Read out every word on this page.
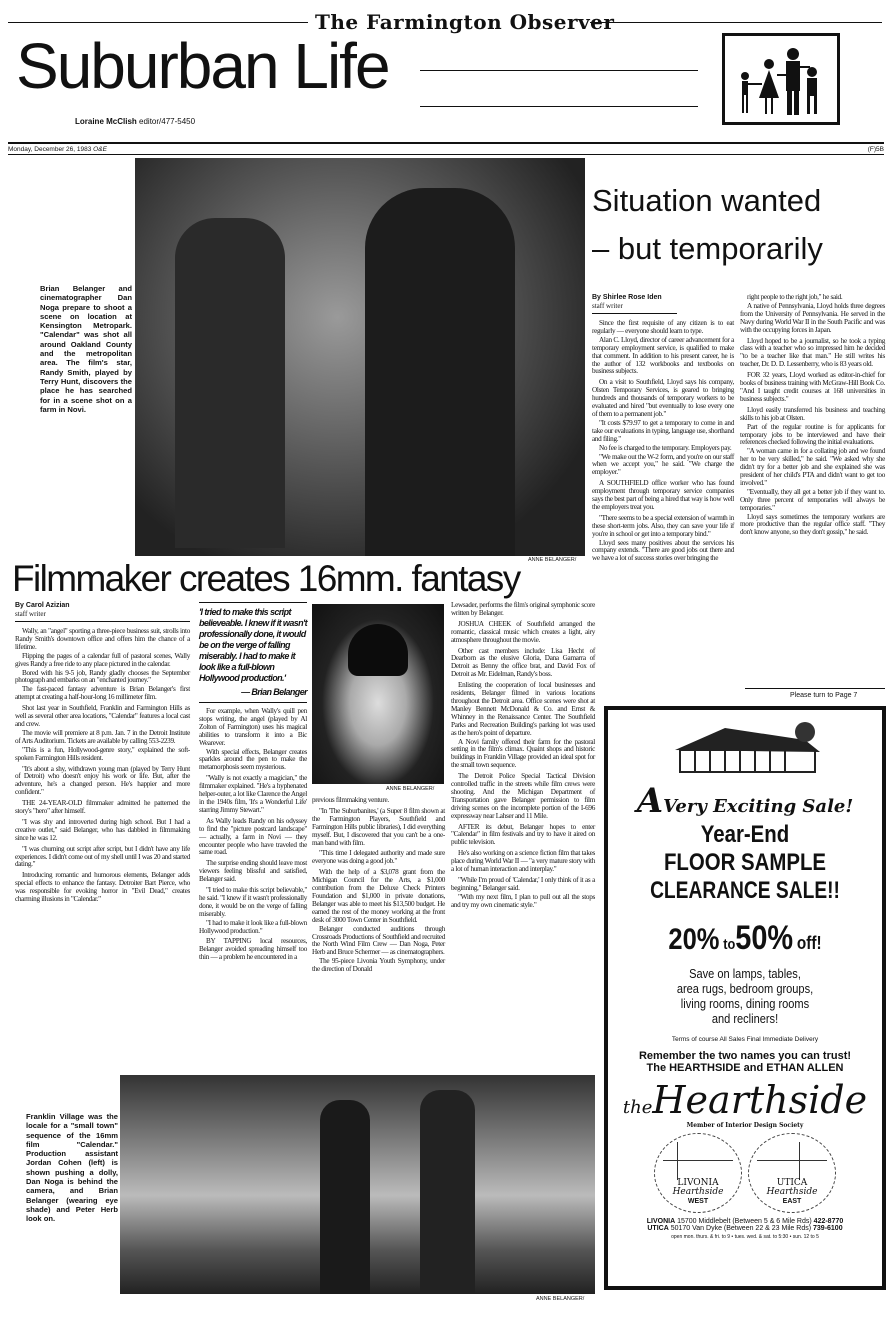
The Farmington Observer
Suburban Life
Loraine McClish editor/477-5450
Monday, December 26, 1983 O&E	(F)5B
ANNE BELANGER/
Brian Belanger and cinematographer Dan Noga prepare to shoot a scene on location at Kensington Metropark. "Calendar" was shot all around Oakland County and the metropolitan area. The film's star, Randy Smith, played by Terry Hunt, discovers the place he has searched for in a scene shot on a farm in Novi.
Situation wanted
– but temporarily
By Shirlee Rose Iden
staff writer

Since the first requisite of any citizen is to eat regularly — everyone should learn to type.

Alan C. Lloyd, director of career advancement for a temporary employment service, is qualified to make that comment. In addition to his present career, he is the author of 132 workbooks and textbooks on business subjects.

On a visit to Southfield, Lloyd says his company, Olsten Temporary Services, is geared to bringing hundreds and thousands of temporary workers to be evaluated and hired "but eventually to lose every one of them to a permanent job."

"It costs $79.97 to get a temporary to come in and take our evaluations in typing, language use, shorthand and filing."

No fee is charged to the temporary. Employers pay.

"We make out the W-2 form, and you're on our staff when we accept you," he said. "We charge the employer."

A SOUTHFIELD office worker who has found employment through temporary service companies says the best part of being a hired that way is how well the employers treat you.

"There seems to be a special extension of warmth in these short-term jobs. Also, they can save your life if you're in school or get into a temporary bind."

Lloyd sees many positives about the services his company extends. "There are good jobs out there and we have a lot of success stories over bringing the

right people to the right job," he said.

A native of Pennsylvania, Lloyd holds three degrees from the University of Pennsylvania. He served in the Navy during World War II in the South Pacific and was with the occupying forces in Japan.

Lloyd hoped to be a journalist, so he took a typing class with a teacher who so impressed him he decided "to be a teacher like that man." He still writes his teacher, Dr. D. D. Lessenberry, who is 83 years old.

FOR 32 years, Lloyd worked as editor-in-chief for books of business training with McGraw-Hill Book Co. "And I taught credit courses at 168 universities in business subjects."

Lloyd easily transferred his business and teaching skills to his job at Olsten.

Part of the regular routine is for applicants for temporary jobs to be interviewed and have their references checked following the initial evaluations.

"A woman came in for a collating job and we found her to be very skilled," he said. "We asked why she didn't try for a better job and she explained she was president of her child's PTA and didn't want to get too involved."

"Eventually, they all get a better job if they want to. Only three percent of temporaries will always be temporaries."

Lloyd says sometimes the temporary workers are more productive than the regular office staff. "They don't know anyone, so they don't gossip," he said.

Please turn to Page 7
Filmmaker creates 16mm. fantasy
By Carol Azizian
staff writer

Wally, an "angel" sporting a three-piece business suit, strolls into Randy Smith's downtown office and offers him the chance of a lifetime.

Flipping the pages of a calendar full of pastoral scenes, Wally gives Randy a free ride to any place pictured in the calendar.

Bored with his 9-5 job, Randy gladly chooses the September photograph and embarks on an "enchanted journey."

The fast-paced fantasy adventure is Brian Belanger's first attempt at creating a half-hour-long 16 millimeter film.

Shot last year in Southfield, Franklin and Farmington Hills as well as several other area locations, "Calendar" features a local cast and crew.

The movie will premiere at 8 p.m. Jan. 7 in the Detroit Institute of Arts Auditorium. Tickets are available by calling 553-2239.

"This is a fun, Hollywood-genre story," explained the soft-spoken Farmington Hills resident.

"It's about a shy, withdrawn young man (played by Terry Hunt of Detroit) who doesn't enjoy his work or life. But, after the adventure, he's a changed person. He's happier and more confident."

THE 24-YEAR-OLD filmmaker admitted he patterned the story's "hero" after himself.

"I was shy and introverted during high school. But I had a creative outlet," said Belanger, who has dabbled in filmmaking since he was 12.

"I was churning out script after script, but I didn't have any life experiences. I didn't come out of my shell until I was 20 and started dating."

Introducing romantic and humorous elements, Belanger adds special effects to enhance the fantasy. Detroiter Bart Pierce, who was responsible for evoking horror in "Evil Dead," creates charming illusions in "Calendar."

'I tried to make this script believeable. I knew if it wasn't professionally done, it would be on the verge of falling miserably. I had to make it look like a full-blown Hollywood production.'
— Brian Belanger

For example, when Wally's quill pen stops writing, the angel (played by Al Zolton of Farmington) uses his magical abilities to transform it into a Bic Wearever.

With special effects, Belanger creates sparkles around the pen to make the metamorphosis seem mysterious.

"Wally is not exactly a magician," the filmmaker explained. "He's a hyphenated helper-outer, a lot like Clarence the Angel in the 1940s film, 'It's a Wonderful Life' starring Jimmy Stewart."

As Wally leads Randy on his odyssey to find the "picture postcard landscape" — actually, a farm in Novi — they encounter people who have traveled the same road.

The surprise ending should leave most viewers feeling blissful and satisfied, Belanger said.

"I tried to make this script believable," he said. "I knew if it wasn't professionally done, it would be on the verge of falling miserably.

"I had to make it look like a full-blown Hollywood production."

BY TAPPING local resources, Belanger avoided spreading himself too thin — a problem he encountered in a

ANNE BELANGER/

previous filmmaking venture.

"In 'The Suburbanites,' (a Super 8 film shown at the Farmington Players, Southfield and Farmington Hills public libraries), I did everything myself. But, I discovered that you can't be a one-man band with film.

"This time I delegated authority and made sure everyone was doing a good job."

With the help of a $3,078 grant from the Michigan Council for the Arts, a $1,000 contribution from the Deluxe Check Printers Foundation and $1,000 in private donations, Belanger was able to meet his $13,500 budget. He earned the rest of the money working at the front desk of 3000 Town Center in Southfield.

Belanger conducted auditions through Crossroads Productions of Southfield and recruited the North Wind Film Crew — Dan Noga, Peter Herb and Bruce Schermer — as cinematographers.

The 95-piece Livonia Youth Symphony, under the direction of Donald

Lewsader, performs the film's original symphonic score written by Belanger.

JOSHUA CHEEK of Southfield arranged the romantic, classical music which creates a light, airy atmosphere throughout the movie.

Other cast members include: Lisa Hecht of Dearborn as the elusive Gloria, Dana Gamarra of Detroit as Benny the office brat, and David Fox of Detroit as Mr. Eidelman, Randy's boss.

Enlisting the cooperation of local businesses and residents, Belanger filmed in various locations throughout the Detroit area. Office scenes were shot at Manley Bennett McDonald & Co. and Ernst & Whinney in the Renaissance Center. The Southfield Parks and Recreation Building's parking lot was used as the hero's point of departure.

A Novi family offered their farm for the pastoral setting in the film's climax. Quaint shops and historic buildings in Franklin Village provided an ideal spot for the small town sequence.

The Detroit Police Special Tactical Division controlled traffic in the streets while film crews were shooting. And the Michigan Department of Transportation gave Belanger permission to film driving scenes on the incomplete portion of the I-696 expressway near Lahser and 11 Mile.

AFTER its debut, Belanger hopes to enter "Calendar" in film festivals and try to have it aired on public television.

He's also working on a science fiction film that takes place during World War II — "a very mature story with a lot of human interaction and interplay."

"While I'm proud of 'Calendar,' I only think of it as a beginning," Belanger said.

"With my next film, I plan to pull out all the stops and try my own cinematic style."

ANNE BELANGER/
Franklin Village was the locale for a "small town" sequence of the 16mm film "Calendar." Production assistant Jordan Cohen (left) is shown pushing a dolly, Dan Noga is behind the camera, and Brian Belanger (wearing eye shade) and Peter Herb look on.
AVery Exciting Sale!
Year-End
FLOOR SAMPLE
CLEARANCE SALE!!
20% to50% off!
Save on lamps, tables,
area rugs, bedroom groups,
living rooms, dining rooms
and recliners!
Terms of course All Sales Final Immediate Delivery
Remember the two names you can trust!
The HEARTHSIDE and ETHAN ALLEN
theHearthside
Member of Interior Design Society
LIVONIA
Hearthside
WEST
UTICA
Hearthside
EAST
LIVONIA 15700 Middlebelt (Between 5 & 6 Mile Rds) 422-8770
UTICA 50170 Van Dyke (Between 22 & 23 Mile Rds) 739-6100
open mon. thurs. & fri. to 9 • tues. wed. & sat. to 5:30 • sun. 12 to 5
